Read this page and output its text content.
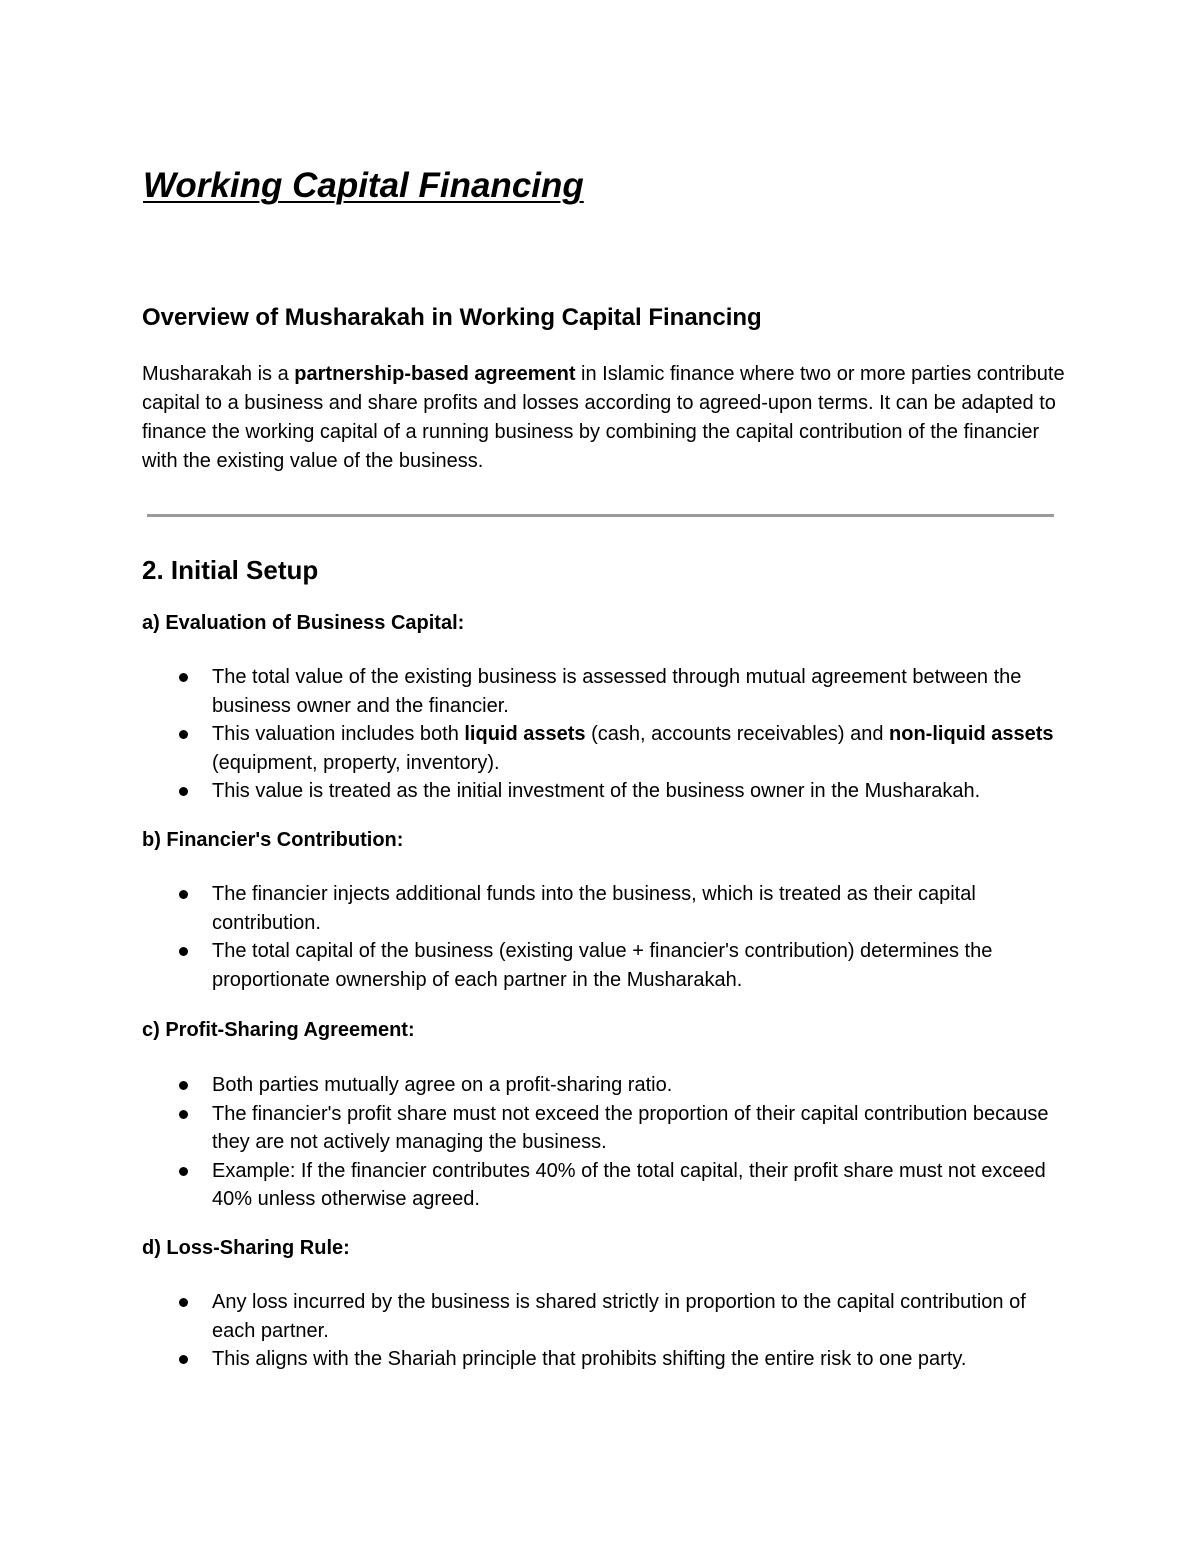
Working Capital Financing
Overview of Musharakah in Working Capital Financing

Musharakah is a partnership-based agreement in Islamic finance where two or more parties contribute capital to a business and share profits and losses according to agreed-upon terms. It can be adapted to finance the working capital of a running business by combining the capital contribution of the financier with the existing value of the business.

2. Initial Setup
a) Evaluation of Business Capital:
The total value of the existing business is assessed through mutual agreement between the business owner and the financier.
This valuation includes both liquid assets (cash, accounts receivables) and non-liquid assets (equipment, property, inventory).
This value is treated as the initial investment of the business owner in the Musharakah.
b) Financier's Contribution:
The financier injects additional funds into the business, which is treated as their capital contribution.
The total capital of the business (existing value + financier's contribution) determines the proportionate ownership of each partner in the Musharakah.
c) Profit-Sharing Agreement:
Both parties mutually agree on a profit-sharing ratio.
The financier's profit share must not exceed the proportion of their capital contribution because they are not actively managing the business.
Example: If the financier contributes 40% of the total capital, their profit share must not exceed 40% unless otherwise agreed.
d) Loss-Sharing Rule:
Any loss incurred by the business is shared strictly in proportion to the capital contribution of each partner.
This aligns with the Shariah principle that prohibits shifting the entire risk to one party.
